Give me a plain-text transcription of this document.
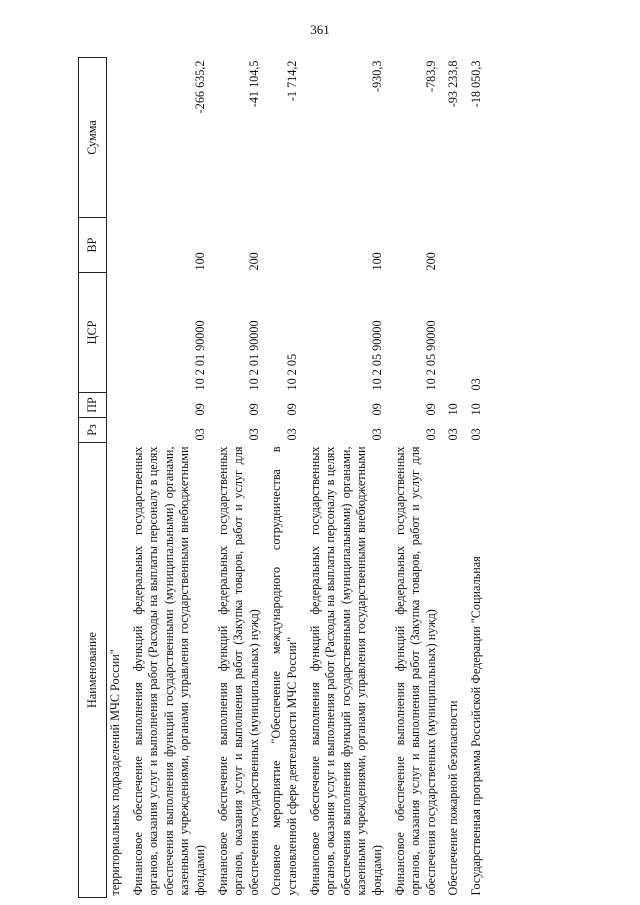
361
Наименование	Рз	ПР	ЦСР	ВР	Сумма
территориальных подразделений МЧС России"					
Финансовое обеспечение выполнения функций федеральных государственных органов, оказания услуг и выполнения работ (Расходы на выплаты персоналу в целях обеспечения выполнения функций государственными (муниципальными) органами, казенными учреждениями, органами управления государственными внебюджетными фондами)	03	09	10 2 01 90000	100	-266 635,2
Финансовое обеспечение выполнения функций федеральных государственных органов, оказания услуг и выполнения работ (Закупка товаров, работ и услуг для обеспечения государственных (муниципальных) нужд)	03	09	10 2 01 90000	200	-41 104,5
Основное мероприятие "Обеспечение международного сотрудничества в установленной сфере деятельности МЧС России"	03	09	10 2 05		-1 714,2
Финансовое обеспечение выполнения функций федеральных государственных органов, оказания услуг и выполнения работ (Расходы на выплаты персоналу в целях обеспечения выполнения функций государственными (муниципальными) органами, казенными учреждениями, органами управления государственными внебюджетными фондами)	03	09	10 2 05 90000	100	-930,3
Финансовое обеспечение выполнения функций федеральных государственных органов, оказания услуг и выполнения работ (Закупка товаров, работ и услуг для обеспечения государственных (муниципальных) нужд)	03	09	10 2 05 90000	200	-783,9
Обеспечение пожарной безопасности	03	10			-93 233,8
Государственная программа Российской Федерации "Социальная	03	10	03		-18 050,3
